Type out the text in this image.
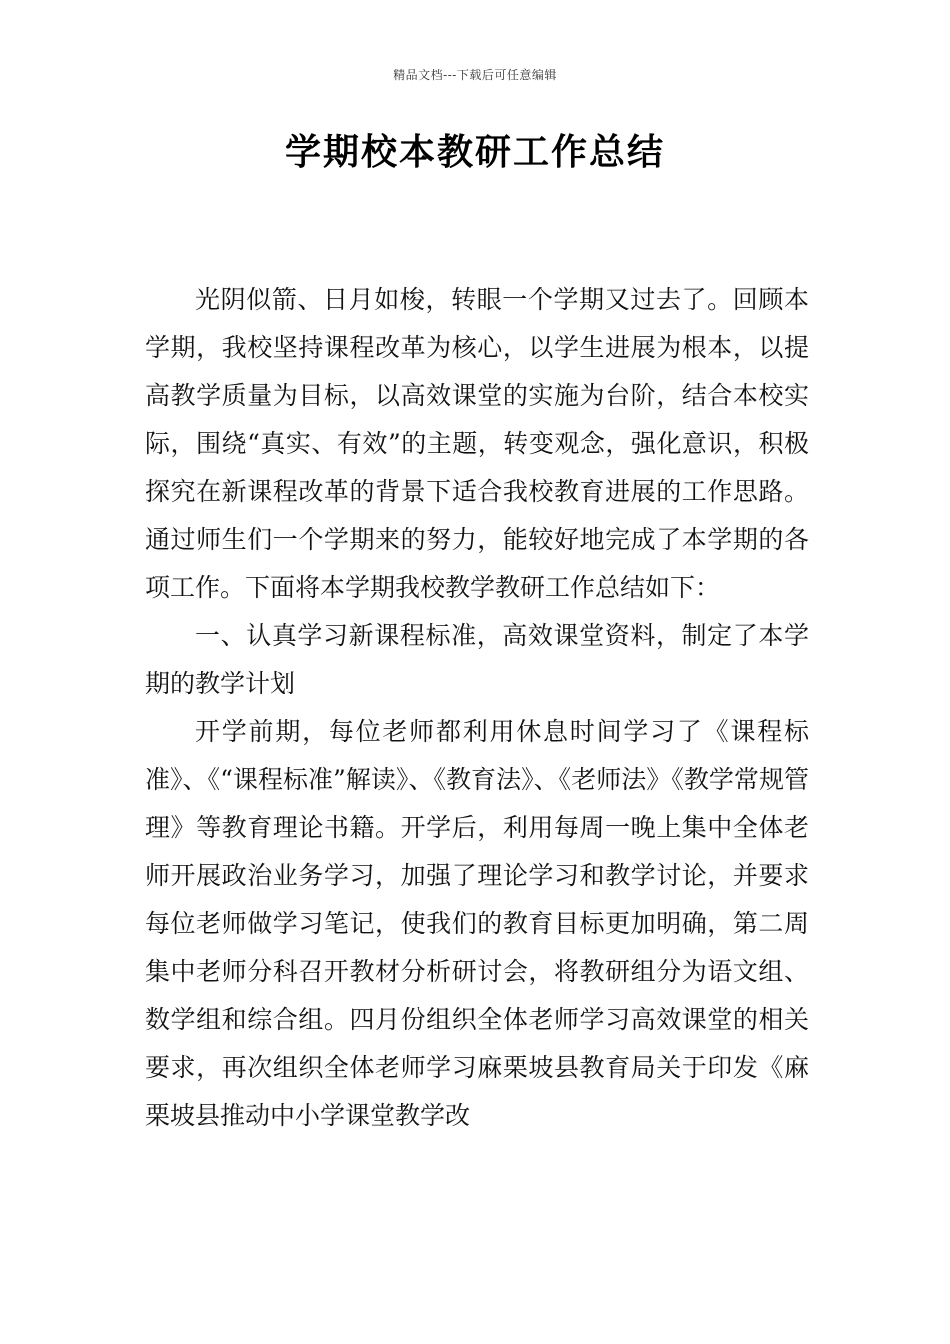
精品文档---下载后可任意编辑
学期校本教研工作总结

光阴似箭、日月如梭，转眼一个学期又过去了。回顾本学期，我校坚持课程改革为核心，以学生进展为根本，以提高教学质量为目标，以高效课堂的实施为台阶，结合本校实际，围绕“真实、有效”的主题，转变观念，强化意识，积极探究在新课程改革的背景下适合我校教育进展的工作思路。通过师生们一个学期来的努力，能较好地完成了本学期的各项工作。下面将本学期我校教学教研工作总结如下：

一、认真学习新课程标准，高效课堂资料，制定了本学期的教学计划

开学前期，每位老师都利用休息时间学习了《课程标准》、《“课程标准”解读》、《教育法》、《老师法》《教学常规管理》等教育理论书籍。开学后，利用每周一晚上集中全体老师开展政治业务学习，加强了理论学习和教学讨论，并要求每位老师做学习笔记，使我们的教育目标更加明确，第二周集中老师分科召开教材分析研讨会，将教研组分为语文组、数学组和综合组。四月份组织全体老师学习高效课堂的相关要求，再次组织全体老师学习麻栗坡县教育局关于印发《麻栗坡县推动中小学课堂教学改
